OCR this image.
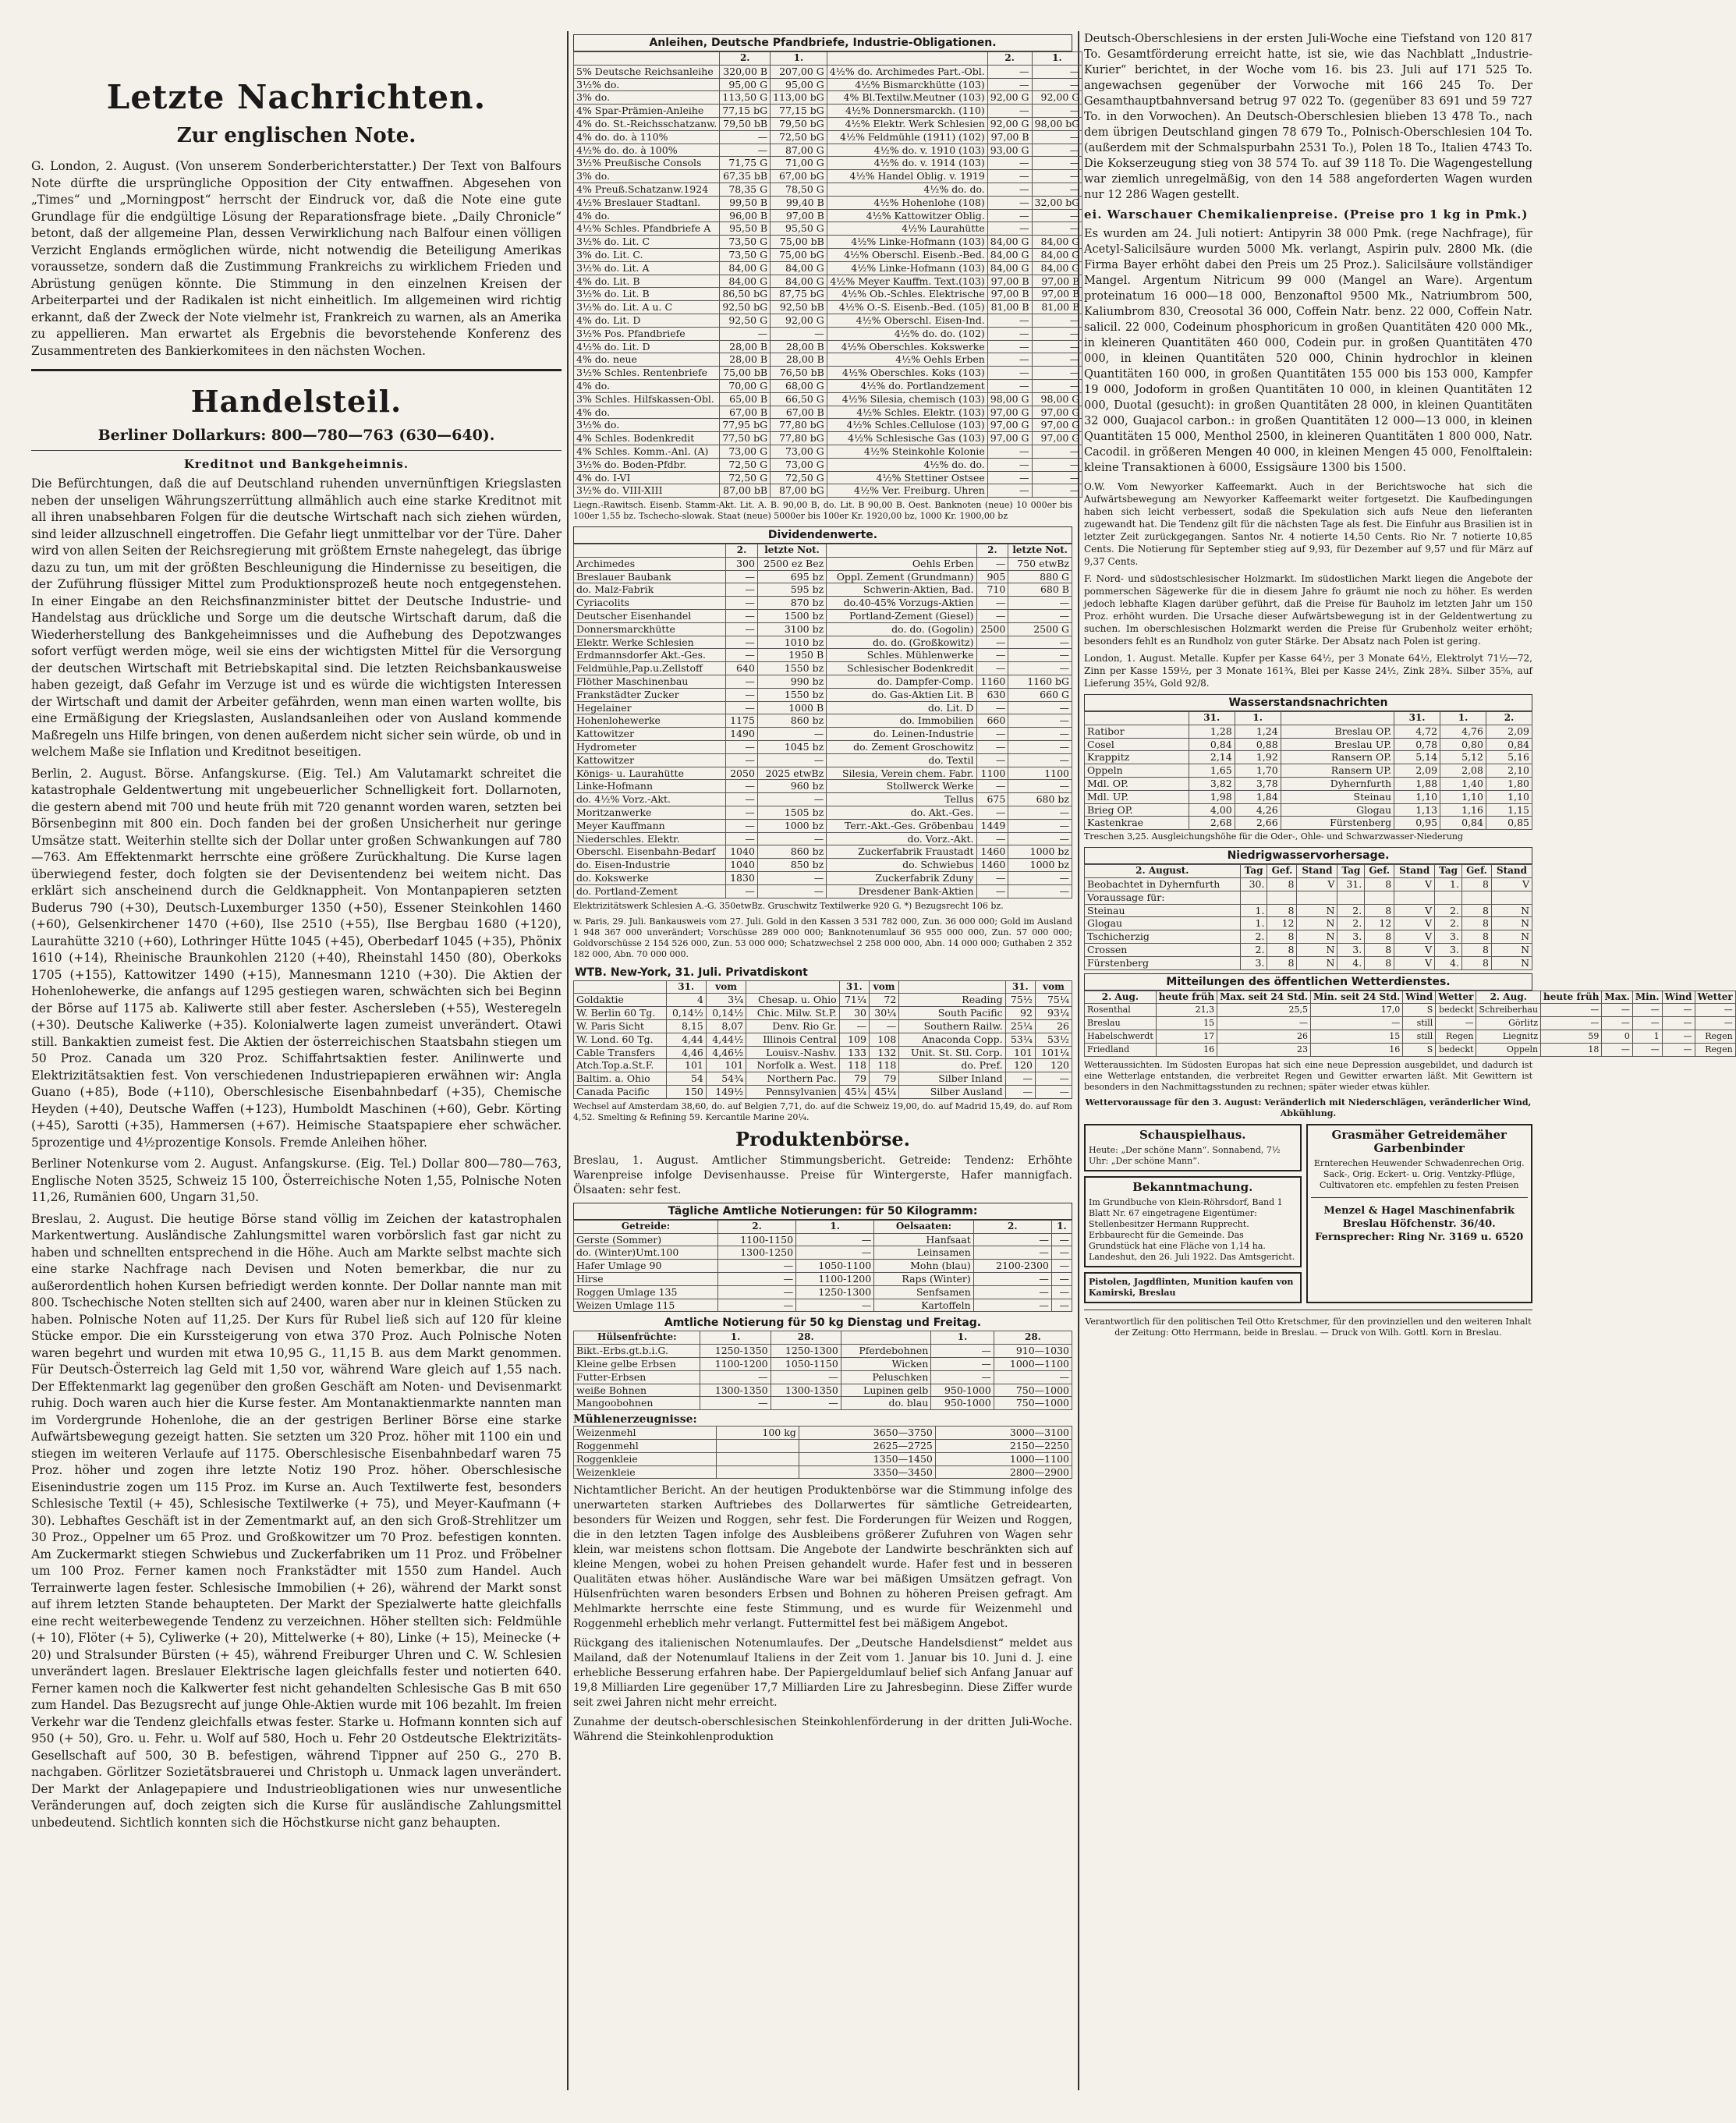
Letzte Nachrichten.
Zur englischen Note.

G. London, 2. August. (Von unserem Sonderberichterstatter.) Der Text von Balfours Note dürfte die ursprüngliche Opposition der City entwaffnen. Abgesehen von „Times“ und „Morningpost“ herrscht der Eindruck vor, daß die Note eine gute Grundlage für die endgültige Lösung der Reparationsfrage biete. „Daily Chronicle“ betont, daß der allgemeine Plan, dessen Verwirklichung nach Balfour einen völligen Verzicht Englands ermöglichen würde, nicht notwendig die Beteiligung Amerikas voraussetze, sondern daß die Zustimmung Frankreichs zu wirklichem Frieden und Abrüstung genügen könnte. Die Stimmung in den einzelnen Kreisen der Arbeiterpartei und der Radikalen ist nicht einheitlich. Im allgemeinen wird richtig erkannt, daß der Zweck der Note vielmehr ist, Frankreich zu warnen, als an Amerika zu appellieren. Man erwartet als Ergebnis die bevorstehende Konferenz des Zusammentreten des Bankierkomitees in den nächsten Wochen.

Handelsteil.
Berliner Dollarkurs: 800—780—763 (630—640).
Kreditnot und Bankgeheimnis.

Die Befürchtungen, daß die auf Deutschland ruhenden unvernünftigen Kriegslasten neben der unseligen Währungszerrüttung allmählich auch eine starke Kreditnot mit all ihren unabsehbaren Folgen für die deutsche Wirtschaft nach sich ziehen würden, sind leider allzuschnell eingetroffen. Die Gefahr liegt unmittelbar vor der Türe. Daher wird von allen Seiten der Reichsregierung mit größtem Ernste nahegelegt, das übrige dazu zu tun, um mit der größten Beschleunigung die Hindernisse zu beseitigen, die der Zuführung flüssiger Mittel zum Produktionsprozeß heute noch entgegenstehen. In einer Eingabe an den Reichsfinanzminister bittet der Deutsche Industrie- und Handelstag aus drückliche und Sorge um die deutsche Wirtschaft darum, daß die Wiederherstellung des Bankgeheimnisses und die Aufhebung des Depotzwanges sofort verfügt werden möge, weil sie eins der wichtigsten Mittel für die Versorgung der deutschen Wirtschaft mit Betriebskapital sind. Die letzten Reichsbankausweise haben gezeigt, daß Gefahr im Verzuge ist und es würde die wichtigsten Interessen der Wirtschaft und damit der Arbeiter gefährden, wenn man einen warten wollte, bis eine Ermäßigung der Kriegslasten, Auslandsanleihen oder von Ausland kommende Maßregeln uns Hilfe bringen, von denen außerdem nicht sicher sein würde, ob und in welchem Maße sie Inflation und Kreditnot beseitigen.

Berlin, 2. August. Börse. Anfangskurse. (Eig. Tel.) Am Valutamarkt schreitet die katastrophale Geldentwertung mit ungebeuerlicher Schnelligkeit fort. Dollarnoten, die gestern abend mit 700 und heute früh mit 720 genannt worden waren, setzten bei Börsenbeginn mit 800 ein. Doch fanden bei der großen Unsicherheit nur geringe Umsätze statt. Weiterhin stellte sich der Dollar unter großen Schwankungen auf 780—763. Am Effektenmarkt herrschte eine größere Zurückhaltung. Die Kurse lagen überwiegend fester, doch folgten sie der Devisentendenz bei weitem nicht. Das erklärt sich anscheinend durch die Geldknappheit. Von Montanpapieren setzten Buderus 790 (+30), Deutsch-Luxemburger 1350 (+50), Essener Steinkohlen 1460 (+60), Gelsenkirchener 1470 (+60), Ilse 2510 (+55), Ilse Bergbau 1680 (+120), Laurahütte 3210 (+60), Lothringer Hütte 1045 (+45), Oberbedarf 1045 (+35), Phönix 1610 (+14), Rheinische Braunkohlen 2120 (+40), Rheinstahl 1450 (80), Oberkoks 1705 (+155), Kattowitzer 1490 (+15), Mannesmann 1210 (+30). Die Aktien der Hohenlohewerke, die anfangs auf 1295 gestiegen waren, schwächten sich bei Beginn der Börse auf 1175 ab. Kaliwerte still aber fester. Aschersleben (+55), Westeregeln (+30). Deutsche Kaliwerke (+35). Kolonialwerte lagen zumeist unverändert. Otawi still. Bankaktien zumeist fest. Die Aktien der österreichischen Staatsbahn stiegen um 50 Proz. Canada um 320 Proz. Schiffahrtsaktien fester. Anilinwerte und Elektrizitätsaktien fest. Von verschiedenen Industriepapieren erwähnen wir: Angla Guano (+85), Bode (+110), Oberschlesische Eisenbahnbedarf (+35), Chemische Heyden (+40), Deutsche Waffen (+123), Humboldt Maschinen (+60), Gebr. Körting (+45), Sarotti (+35), Hammersen (+67). Heimische Staatspapiere eher schwächer. 5prozentige und 4½prozentige Konsols. Fremde Anleihen höher.

Berliner Notenkurse vom 2. August. Anfangskurse. (Eig. Tel.) Dollar 800—780—763, Englische Noten 3525, Schweiz 15 100, Österreichische Noten 1,55, Polnische Noten 11,26, Rumänien 600, Ungarn 31,50.

Breslau, 2. August. Die heutige Börse stand völlig im Zeichen der katastrophalen Markentwertung. Ausländische Zahlungsmittel waren vorbörslich fast gar nicht zu haben und schnellten entsprechend in die Höhe. Auch am Markte selbst machte sich eine starke Nachfrage nach Devisen und Noten bemerkbar, die nur zu außerordentlich hohen Kursen befriedigt werden konnte. Der Dollar nannte man mit 800. Tschechische Noten stellten sich auf 2400, waren aber nur in kleinen Stücken zu haben. Polnische Noten auf 11,25. Der Kurs für Rubel ließ sich auf 120 für kleine Stücke empor. Die ein Kurssteigerung von etwa 370 Proz. Auch Polnische Noten waren begehrt und wurden mit etwa 10,95 G., 11,15 B. aus dem Markt genommen. Für Deutsch-Österreich lag Geld mit 1,50 vor, während Ware gleich auf 1,55 nach. Der Effektenmarkt lag gegenüber den großen Geschäft am Noten- und Devisenmarkt ruhig. Doch waren auch hier die Kurse fester. Am Montanaktienmarkte nannten man im Vordergrunde Hohenlohe, die an der gestrigen Berliner Börse eine starke Aufwärtsbewegung gezeigt hatten. Sie setzten um 320 Proz. höher mit 1100 ein und stiegen im weiteren Verlaufe auf 1175. Oberschlesische Eisenbahnbedarf waren 75 Proz. höher und zogen ihre letzte Notiz 190 Proz. höher. Oberschlesische Eisenindustrie zogen um 115 Proz. im Kurse an. Auch Textilwerte fest, besonders Schlesische Textil (+ 45), Schlesische Textilwerke (+ 75), und Meyer-Kaufmann (+ 30). Lebhaftes Geschäft ist in der Zementmarkt auf, an den sich Groß-Strehlitzer um 30 Proz., Oppelner um 65 Proz. und Großkowitzer um 70 Proz. befestigen konnten. Am Zuckermarkt stiegen Schwiebus und Zuckerfabriken um 11 Proz. und Fröbelner um 100 Proz. Ferner kamen noch Frankstädter mit 1550 zum Handel. Auch Terrainwerte lagen fester. Schlesische Immobilien (+ 26), während der Markt sonst auf ihrem letzten Stande behaupteten. Der Markt der Spezialwerte hatte gleichfalls eine recht weiterbewegende Tendenz zu verzeichnen. Höher stellten sich: Feldmühle (+ 10), Flöter (+ 5), Cyliwerke (+ 20), Mittelwerke (+ 80), Linke (+ 15), Meinecke (+ 20) und Stralsunder Bürsten (+ 45), während Freiburger Uhren und C. W. Schlesien unverändert lagen. Breslauer Elektrische lagen gleichfalls fester und notierten 640. Ferner kamen noch die Kalkwerter fest nicht gehandelten Schlesische Gas B mit 650 zum Handel. Das Bezugsrecht auf junge Ohle-Aktien wurde mit 106 bezahlt. Im freien Verkehr war die Tendenz gleichfalls etwas fester. Starke u. Hofmann konnten sich auf 950 (+ 50), Gro. u. Fehr. u. Wolf auf 580, Hoch u. Fehr 20 Ostdeutsche Elektrizitäts-Gesellschaft auf 500, 30 B. befestigen, während Tippner auf 250 G., 270 B. nachgaben. Görlitzer Sozietätsbrauerei und Christoph u. Unmack lagen unverändert. Der Markt der Anlagepapiere und Industrieobligationen wies nur unwesentliche Veränderungen auf, doch zeigten sich die Kurse für ausländische Zahlungsmittel unbedeutend. Sichtlich konnten sich die Höchstkurse nicht ganz behaupten.

Anleihen, Deutsche Pfandbriefe, Industrie-Obligationen.
	2.	1.		2.	1.
5% Deutsche Reichsanleihe	320,00 B	207,00 G	4½% do. Archimedes Part.-Obl.	—	—
3½% do.	95,00 G	95,00 G	4½% Bismarckhütte (103)	—	—
3% do.	113,50 G	113,00 bG	4% Bl.Textilw.Meutner (103)	92,00 G	92,00 G
4% Spar-Prämien-Anleihe	77,15 bG	77,15 bG	4½% Donnersmarckh. (110)	—	—
4% do. St.-Reichsschatzanw.	79,50 bB	79,50 bG	4½% Elektr. Werk Schlesien	92,00 G	98,00 bG
4% do. do. à 110%	—	72,50 bG	4½% Feldmühle (1911) (102)	97,00 B	—
4½% do. do. à 100%	—	87,00 G	4½% do. v. 1910 (103)	93,00 G	—
3½% Preußische Consols	71,75 G	71,00 G	4½% do. v. 1914 (103)	—	—
3% do.	67,35 bB	67,00 bG	4½% Handel Oblig. v. 1919	—	—
4% Preuß.Schatzanw.1924	78,35 G	78,50 G	4½% do. do.	—	—
4½% Breslauer Stadtanl.	99,50 B	99,40 B	4½% Hohenlohe (108)	—	32,00 bG
4% do.	96,00 B	97,00 B	4½% Kattowitzer Oblig.	—	—
4½% Schles. Pfandbriefe A	95,50 B	95,50 G	4½% Laurahütte	—	—
3½% do. Lit. C	73,50 G	75,00 bB	4½% Linke-Hofmann (103)	84,00 G	84,00 G
3% do. Lit. C.	73,50 G	75,00 bG	4½% Oberschl. Eisenb.-Bed.	84,00 G	84,00 G
3½% do. Lit. A	84,00 G	84,00 G	4½% Linke-Hofmann (103)	84,00 G	84,00 G
4% do. Lit. B	84,00 G	84,00 G	4½% Meyer Kauffm. Text.(103)	97,00 B	97,00 B
3½% do. Lit. B	86,50 bG	87,75 bG	4½% Ob.-Schles. Elektrische	97,00 B	97,00 B
3½% do. Lit. A u. C	92,50 bG	92,50 bB	4½% O.-S. Eisenb.-Bed. (105)	81,00 B	81,00 B
4% do. Lit. D	92,50 G	92,00 G	4½% Oberschl. Eisen-Ind.	—	—
3½% Pos. Pfandbriefe	—	—	4½% do. do. (102)	—	—
4½% do. Lit. D	28,00 B	28,00 B	4½% Oberschles. Kokswerke	—	—
4% do. neue	28,00 B	28,00 B	4½% Oehls Erben	—	—
3½% Schles. Rentenbriefe	75,00 bB	76,50 bB	4½% Oberschles. Koks (103)	—	—
4% do.	70,00 G	68,00 G	4½% do. Portlandzement	—	—
3% Schles. Hilfskassen-Obl.	65,00 B	66,50 G	4½% Silesia, chemisch (103)	98,00 G	98,00 G
4% do.	67,00 B	67,00 B	4½% Schles. Elektr. (103)	97,00 G	97,00 G
3½% do.	77,95 bG	77,80 bG	4½% Schles.Cellulose (103)	97,00 G	97,00 G
4% Schles. Bodenkredit	77,50 bG	77,80 bG	4½% Schlesische Gas (103)	97,00 G	97,00 G
4% Schles. Komm.-Anl. (A)	73,00 G	73,00 G	4½% Steinkohle Kolonie	—	—
3½% do. Boden-Pfdbr.	72,50 G	73,00 G	4½% do. do.	—	—
4% do. I-VI	72,50 G	72,50 G	4½% Stettiner Ostsee	—	—
3½% do. VIII-XIII	87,00 bB	87,00 bG	4½% Ver. Freiburg. Uhren	—	—

Liegn.-Rawitsch. Eisenb. Stamm-Akt. Lit. A. B. 90,00 B, do. Lit. B 90,00 B. Oest. Banknoten (neue) 10 000er bis 100er 1,55 bz. Tschecho-slowak. Staat (neue) 5000er bis 100er Kr. 1920,00 bz, 1000 Kr. 1900,00 bz

Dividendenwerte.
	2.	letzte Not.		2.	letzte Not.
Archimedes	300	2500 ez Bez	Oehls Erben	—	750 etwBz
Breslauer Baubank	—	695 bz	Oppl. Zement (Grundmann)	905	880 G
do. Malz-Fabrik	—	595 bz	Schwerin-Aktien, Bad.	710	680 B
Cyriacolits	—	870 bz	do.40-45% Vorzugs-Aktien	—	—
Deutscher Eisenhandel	—	1500 bz	Portland-Zement (Giesel)	—	—
Donnersmarckhütte	—	3100 bz	do. do. (Gogolin)	2500	2500 G
Elektr. Werke Schlesien	—	1010 bz	do. do. (Großkowitz)	—	—
Erdmannsdorfer Akt.-Ges.	—	1950 B	Schles. Mühlenwerke	—	—
Feldmühle,Pap.u.Zellstoff	640	1550 bz	Schlesischer Bodenkredit	—	—
Flöther Maschinenbau	—	990 bz	do. Dampfer-Comp.	1160	1160 bG
Frankstädter Zucker	—	1550 bz	do. Gas-Aktien Lit. B	630	660 G
Hegelainer	—	1000 B	do. Lit. D	—	—
Hohenlohewerke	1175	860 bz	do. Immobilien	660	—
Kattowitzer	1490	—	do. Leinen-Industrie	—	—
Hydrometer	—	1045 bz	do. Zement Groschowitz	—	—
Kattowitzer	—	—	do. Textil	—	—
Königs- u. Laurahütte	2050	2025 etwBz	Silesia, Verein chem. Fabr.	1100	1100
Linke-Hofmann	—	960 bz	Stollwerck Werke	—	—
do. 4½% Vorz.-Akt.	—	—	Tellus	675	680 bz
Moritzanwerke	—	1505 bz	do. Akt.-Ges.	—	—
Meyer Kauffmann	—	1000 bz	Terr.-Akt.-Ges. Gröbenbau	1449	—
Niederschles. Elektr.	—	—	do. Vorz.-Akt.	—	—
Oberschl. Eisenbahn-Bedarf	1040	860 bz	Zuckerfabrik Fraustadt	1460	1000 bz
do. Eisen-Industrie	1040	850 bz	do. Schwiebus	1460	1000 bz
do. Kokswerke	1830	—	Zuckerfabrik Zduny	—	—
do. Portland-Zement	—	—	Dresdener Bank-Aktien	—	—

Elektrizitätswerk Schlesien A.-G. 350etwBz. Gruschwitz Textilwerke 920 G. *) Bezugsrecht 106 bz.

w. Paris, 29. Juli. Bankausweis vom 27. Juli. Gold in den Kassen 3 531 782 000, Zun. 36 000 000; Gold im Ausland 1 948 367 000 unverändert; Vorschüsse 289 000 000; Banknotenumlauf 36 955 000 000, Zun. 57 000 000; Goldvorschüsse 2 154 526 000, Zun. 53 000 000; Schatzwechsel 2 258 000 000, Abn. 14 000 000; Guthaben 2 352 182 000, Abn. 70 000 000.

WTB. New-York, 31. Juli. Privatdiskont
	31.	vom		31.	vom		31.	vom
Goldaktie	4	3¼	Chesap. u. Ohio	71¼	72	Reading	75½	75¼
W. Berlin 60 Tg.	0,14½	0,14½	Chic. Milw. St.P.	30	30¼	South Pacific	92	93¼
W. Paris Sicht	8,15	8,07	Denv. Rio Gr.	—	—	Southern Railw.	25¼	26
W. Lond. 60 Tg.	4,44	4,44½	Illinois Central	109	108	Anaconda Copp.	53¼	53½
Cable Transfers	4,46	4,46½	Louisv.-Nashv.	133	132	Unit. St. Stl. Corp.	101	101¼
Atch.Top.a.St.F.	101	101	Norfolk a. West.	118	118	do. Pref.	120	120
Baltim. a. Ohio	54	54¾	Northern Pac.	79	79	Silber Inland	—	—
Canada Pacific	150	149½	Pennsylvanien	45¼	45¼	Silber Ausland	—	—

Wechsel auf Amsterdam 38,60, do. auf Belgien 7,71, do. auf die Schweiz 19,00, do. auf Madrid 15,49, do. auf Rom 4,52. Smelting & Refining 59. Kercantile Marine 20¼.

Produktenbörse.

Breslau, 1. August. Amtlicher Stimmungsbericht. Getreide: Tendenz: Erhöhte Warenpreise infolge Devisenhausse. Preise für Wintergerste, Hafer mannigfach. Ölsaaten: sehr fest.

Tägliche Amtliche Notierungen: für 50 Kilogramm:
Getreide:	2.	1.	Oelsaaten:	2.	1.
Gerste (Sommer)	1100-1150	—	Hanfsaat	—	—
do. (Winter)Umt.100	1300-1250	—	Leinsamen	—	—
Hafer Umlage 90	—	1050-1100	Mohn (blau)	2100-2300	—
Hirse	—	1100-1200	Raps (Winter)	—	—
Roggen Umlage 135	—	1250-1300	Senfsamen	—	—
Weizen Umlage 115	—	—	Kartoffeln	—	—
Amtliche Notierung für 50 kg Dienstag und Freitag.
Hülsenfrüchte:	1.	28.		1.	28.
Bikt.-Erbs.gt.b.i.G.	1250-1350	1250-1300	Pferdebohnen	—	910—1030
Kleine gelbe Erbsen	1100-1200	1050-1150	Wicken	—	1000—1100
Futter-Erbsen	—	—	Peluschken	—	—
weiße Bohnen	1300-1350	1300-1350	Lupinen gelb	950-1000	750—1000
Mangoobohnen	—	—	do. blau	950-1000	750—1000
Mühlenerzeugnisse:
Weizenmehl	100 kg	3650—3750	3000—3100
Roggenmehl		2625—2725	2150—2250
Roggenkleie		1350—1450	1000—1100
Weizenkleie		3350—3450	2800—2900

Nichtamtlicher Bericht. An der heutigen Produktenbörse war die Stimmung infolge des unerwarteten starken Auftriebes des Dollarwertes für sämtliche Getreidearten, besonders für Weizen und Roggen, sehr fest. Die Forderungen für Weizen und Roggen, die in den letzten Tagen infolge des Ausbleibens größerer Zufuhren von Wagen sehr klein, war meistens schon flottsam. Die Angebote der Landwirte beschränkten sich auf kleine Mengen, wobei zu hohen Preisen gehandelt wurde. Hafer fest und in besseren Qualitäten etwas höher. Ausländische Ware war bei mäßigen Umsätzen gefragt. Von Hülsenfrüchten waren besonders Erbsen und Bohnen zu höheren Preisen gefragt. Am Mehlmarkte herrschte eine feste Stimmung, und es wurde für Weizenmehl und Roggenmehl erheblich mehr verlangt. Futtermittel fest bei mäßigem Angebot.

Rückgang des italienischen Notenumlaufes. Der „Deutsche Handelsdienst“ meldet aus Mailand, daß der Notenumlauf Italiens in der Zeit vom 1. Januar bis 10. Juni d. J. eine erhebliche Besserung erfahren habe. Der Papiergeldumlauf belief sich Anfang Januar auf 19,8 Milliarden Lire gegenüber 17,7 Milliarden Lire zu Jahresbeginn. Diese Ziffer wurde seit zwei Jahren nicht mehr erreicht.

Zunahme der deutsch-oberschlesischen Steinkohlenförderung in der dritten Juli-Woche. Während die Steinkohlenproduktion

Deutsch-Oberschlesiens in der ersten Juli-Woche eine Tiefstand von 120 817 To. Gesamtförderung erreicht hatte, ist sie, wie das Nachblatt „Industrie-Kurier“ berichtet, in der Woche vom 16. bis 23. Juli auf 171 525 To. angewachsen gegenüber der Vorwoche mit 166 245 To. Der Gesamthauptbahnversand betrug 97 022 To. (gegenüber 83 691 und 59 727 To. in den Vorwochen). An Deutsch-Oberschlesien blieben 13 478 To., nach dem übrigen Deutschland gingen 78 679 To., Polnisch-Oberschlesien 104 To. (außerdem mit der Schmalspurbahn 2531 To.), Polen 18 To., Italien 4743 To. Die Kokserzeugung stieg von 38 574 To. auf 39 118 To. Die Wagengestellung war ziemlich unregelmäßig, von den 14 588 angeforderten Wagen wurden nur 12 286 Wagen gestellt.

ei. Warschauer Chemikalienpreise. (Preise pro 1 kg in Pmk.)

Es wurden am 24. Juli notiert: Antipyrin 38 000 Pmk. (rege Nachfrage), für Acetyl-Salicilsäure wurden 5000 Mk. verlangt, Aspirin pulv. 2800 Mk. (die Firma Bayer erhöht dabei den Preis um 25 Proz.). Salicilsäure vollständiger Mangel. Argentum Nitricum 99 000 (Mangel an Ware). Argentum proteinatum 16 000—18 000, Benzonaftol 9500 Mk., Natriumbrom 500, Kaliumbrom 830, Creosotal 36 000, Coffein Natr. benz. 22 000, Coffein Natr. salicil. 22 000, Codeinum phosphoricum in großen Quantitäten 420 000 Mk., in kleineren Quantitäten 460 000, Codein pur. in großen Quantitäten 470 000, in kleinen Quantitäten 520 000, Chinin hydrochlor in kleinen Quantitäten 160 000, in großen Quantitäten 155 000 bis 153 000, Kampfer 19 000, Jodoform in großen Quantitäten 10 000, in kleinen Quantitäten 12 000, Duotal (gesucht): in großen Quantitäten 28 000, in kleinen Quantitäten 32 000, Guajacol carbon.: in großen Quantitäten 12 000—13 000, in kleinen Quantitäten 15 000, Menthol 2500, in kleineren Quantitäten 1 800 000, Natr. Cacodil. in größeren Mengen 40 000, in kleinen Mengen 45 000, Fenolftalein: kleine Transaktionen à 6000, Essigsäure 1300 bis 1500.

O.W. Vom Newyorker Kaffeemarkt. Auch in der Berichtswoche hat sich die Aufwärtsbewegung am Newyorker Kaffeemarkt weiter fortgesetzt. Die Kaufbedingungen haben sich leicht verbessert, sodaß die Spekulation sich aufs Neue den lieferanten zugewandt hat. Die Tendenz gilt für die nächsten Tage als fest. Die Einfuhr aus Brasilien ist in letzter Zeit zurückgegangen. Santos Nr. 4 notierte 14,50 Cents. Rio Nr. 7 notierte 10,85 Cents. Die Notierung für September stieg auf 9,93, für Dezember auf 9,57 und für März auf 9,37 Cents.

F. Nord- und südostschlesischer Holzmarkt. Im südostlichen Markt liegen die Angebote der pommerschen Sägewerke für die in diesem Jahre fo gräumt nie noch zu höher. Es werden jedoch lebhafte Klagen darüber geführt, daß die Preise für Bauholz im letzten Jahr um 150 Proz. erhöht wurden. Die Ursache dieser Aufwärtsbewegung ist in der Geldentwertung zu suchen. Im oberschlesischen Holzmarkt werden die Preise für Grubenholz weiter erhöht; besonders fehlt es an Rundholz von guter Stärke. Der Absatz nach Polen ist gering.

London, 1. August. Metalle. Kupfer per Kasse 64½, per 3 Monate 64½, Elektrolyt 71½—72, Zinn per Kasse 159½, per 3 Monate 161¾, Blei per Kasse 24½, Zink 28¾. Silber 35⅝, auf Lieferung 35¾, Gold 92/8.

Wasserstandsnachrichten
	31.	1.		31.	1.	2.
Ratibor	1,28	1,24	Breslau OP.	4,72	4,76	2,09
Cosel	0,84	0,88	Breslau UP.	0,78	0,80	0,84
Krappitz	2,14	1,92	Ransern OP.	5,14	5,12	5,16
Oppeln	1,65	1,70	Ransern UP.	2,09	2,08	2,10
Mdl. OP.	3,82	3,78	Dyhernfurth	1,88	1,40	1,80
Mdl. UP.	1,98	1,84	Steinau	1,10	1,10	1,10
Brieg OP.	4,00	4,26	Glogau	1,13	1,16	1,15
Kastenkrae	2,68	2,66	Fürstenberg	0,95	0,84	0,85

Treschen 3,25. Ausgleichungshöhe für die Oder-, Ohle- und Schwarzwasser-Niederung

Niedrigwasservorhersage.
2. August.	Tag	Gef.	Stand	Tag	Gef.	Stand	Tag	Gef.	Stand
Beobachtet in Dyhernfurth	30.	8	V	31.	8	V	1.	8	V
Voraussage für:									
Steinau	1.	8	N	2.	8	V	2.	8	N
Glogau	1.	12	N	2.	12	V	2.	8	N
Tschicherzig	2.	8	N	3.	8	V	3.	8	N
Crossen	2.	8	N	3.	8	V	3.	8	N
Fürstenberg	3.	8	N	4.	8	V	4.	8	N
Mitteilungen des öffentlichen Wetterdienstes.
2. Aug.	heute früh	Max. seit 24 Std.	Min. seit 24 Std.	Wind	Wetter	2. Aug.	heute früh	Max.	Min.	Wind	Wetter
Rosenthal	21,3	25,5	17,0	S	bedeckt	Schreiberhau	—	—	—	—	—
Breslau	15	—	—	still	—	Görlitz	—	—	—	—	—
Habelschwerdt	17	26	15	still	Regen	Liegnitz	59	0	1	—	Regen
Friedland	16	23	16	S	bedeckt	Oppeln	18	—	—	—	Regen

Wetteraussichten. Im Südosten Europas hat sich eine neue Depression ausgebildet, und dadurch ist eine Wetterlage entstanden, die verbreitet Regen und Gewitter erwarten läßt. Mit Gewittern ist besonders in den Nachmittagsstunden zu rechnen; später wieder etwas kühler.

Wettervoraussage für den 3. August: Veränderlich mit Niederschlägen, veränderlicher Wind, Abkühlung.

Schauspielhaus.
Heute: „Der schöne Mann“. Sonnabend, 7½ Uhr: „Der schöne Mann“.
Bekanntmachung.
Im Grundbuche von Klein-Röhrsdorf, Band 1 Blatt Nr. 67 eingetragene Eigentümer: Stellenbesitzer Hermann Rupprecht. Erbbaurecht für die Gemeinde. Das Grundstück hat eine Fläche von 1,14 ha. Landeshut, den 26. Juli 1922. Das Amtsgericht.
Pistolen, Jagdflinten, Munition kaufen von Kamirski, Breslau
Grasmäher Getreidemäher Garbenbinder
Ernterechen Heuwender Schwadenrechen Orig. Sack-, Orig. Eckert- u. Orig. Ventzky-Pflüge, Cultivatoren etc. empfehlen zu festen Preisen
Menzel & Hagel Maschinenfabrik Breslau Höfchenstr. 36/40. Fernsprecher: Ring Nr. 3169 u. 6520
Verantwortlich für den politischen Teil Otto Kretschmer, für den provinziellen und den weiteren Inhalt der Zeitung: Otto Herrmann, beide in Breslau. — Druck von Wilh. Gottl. Korn in Breslau.
